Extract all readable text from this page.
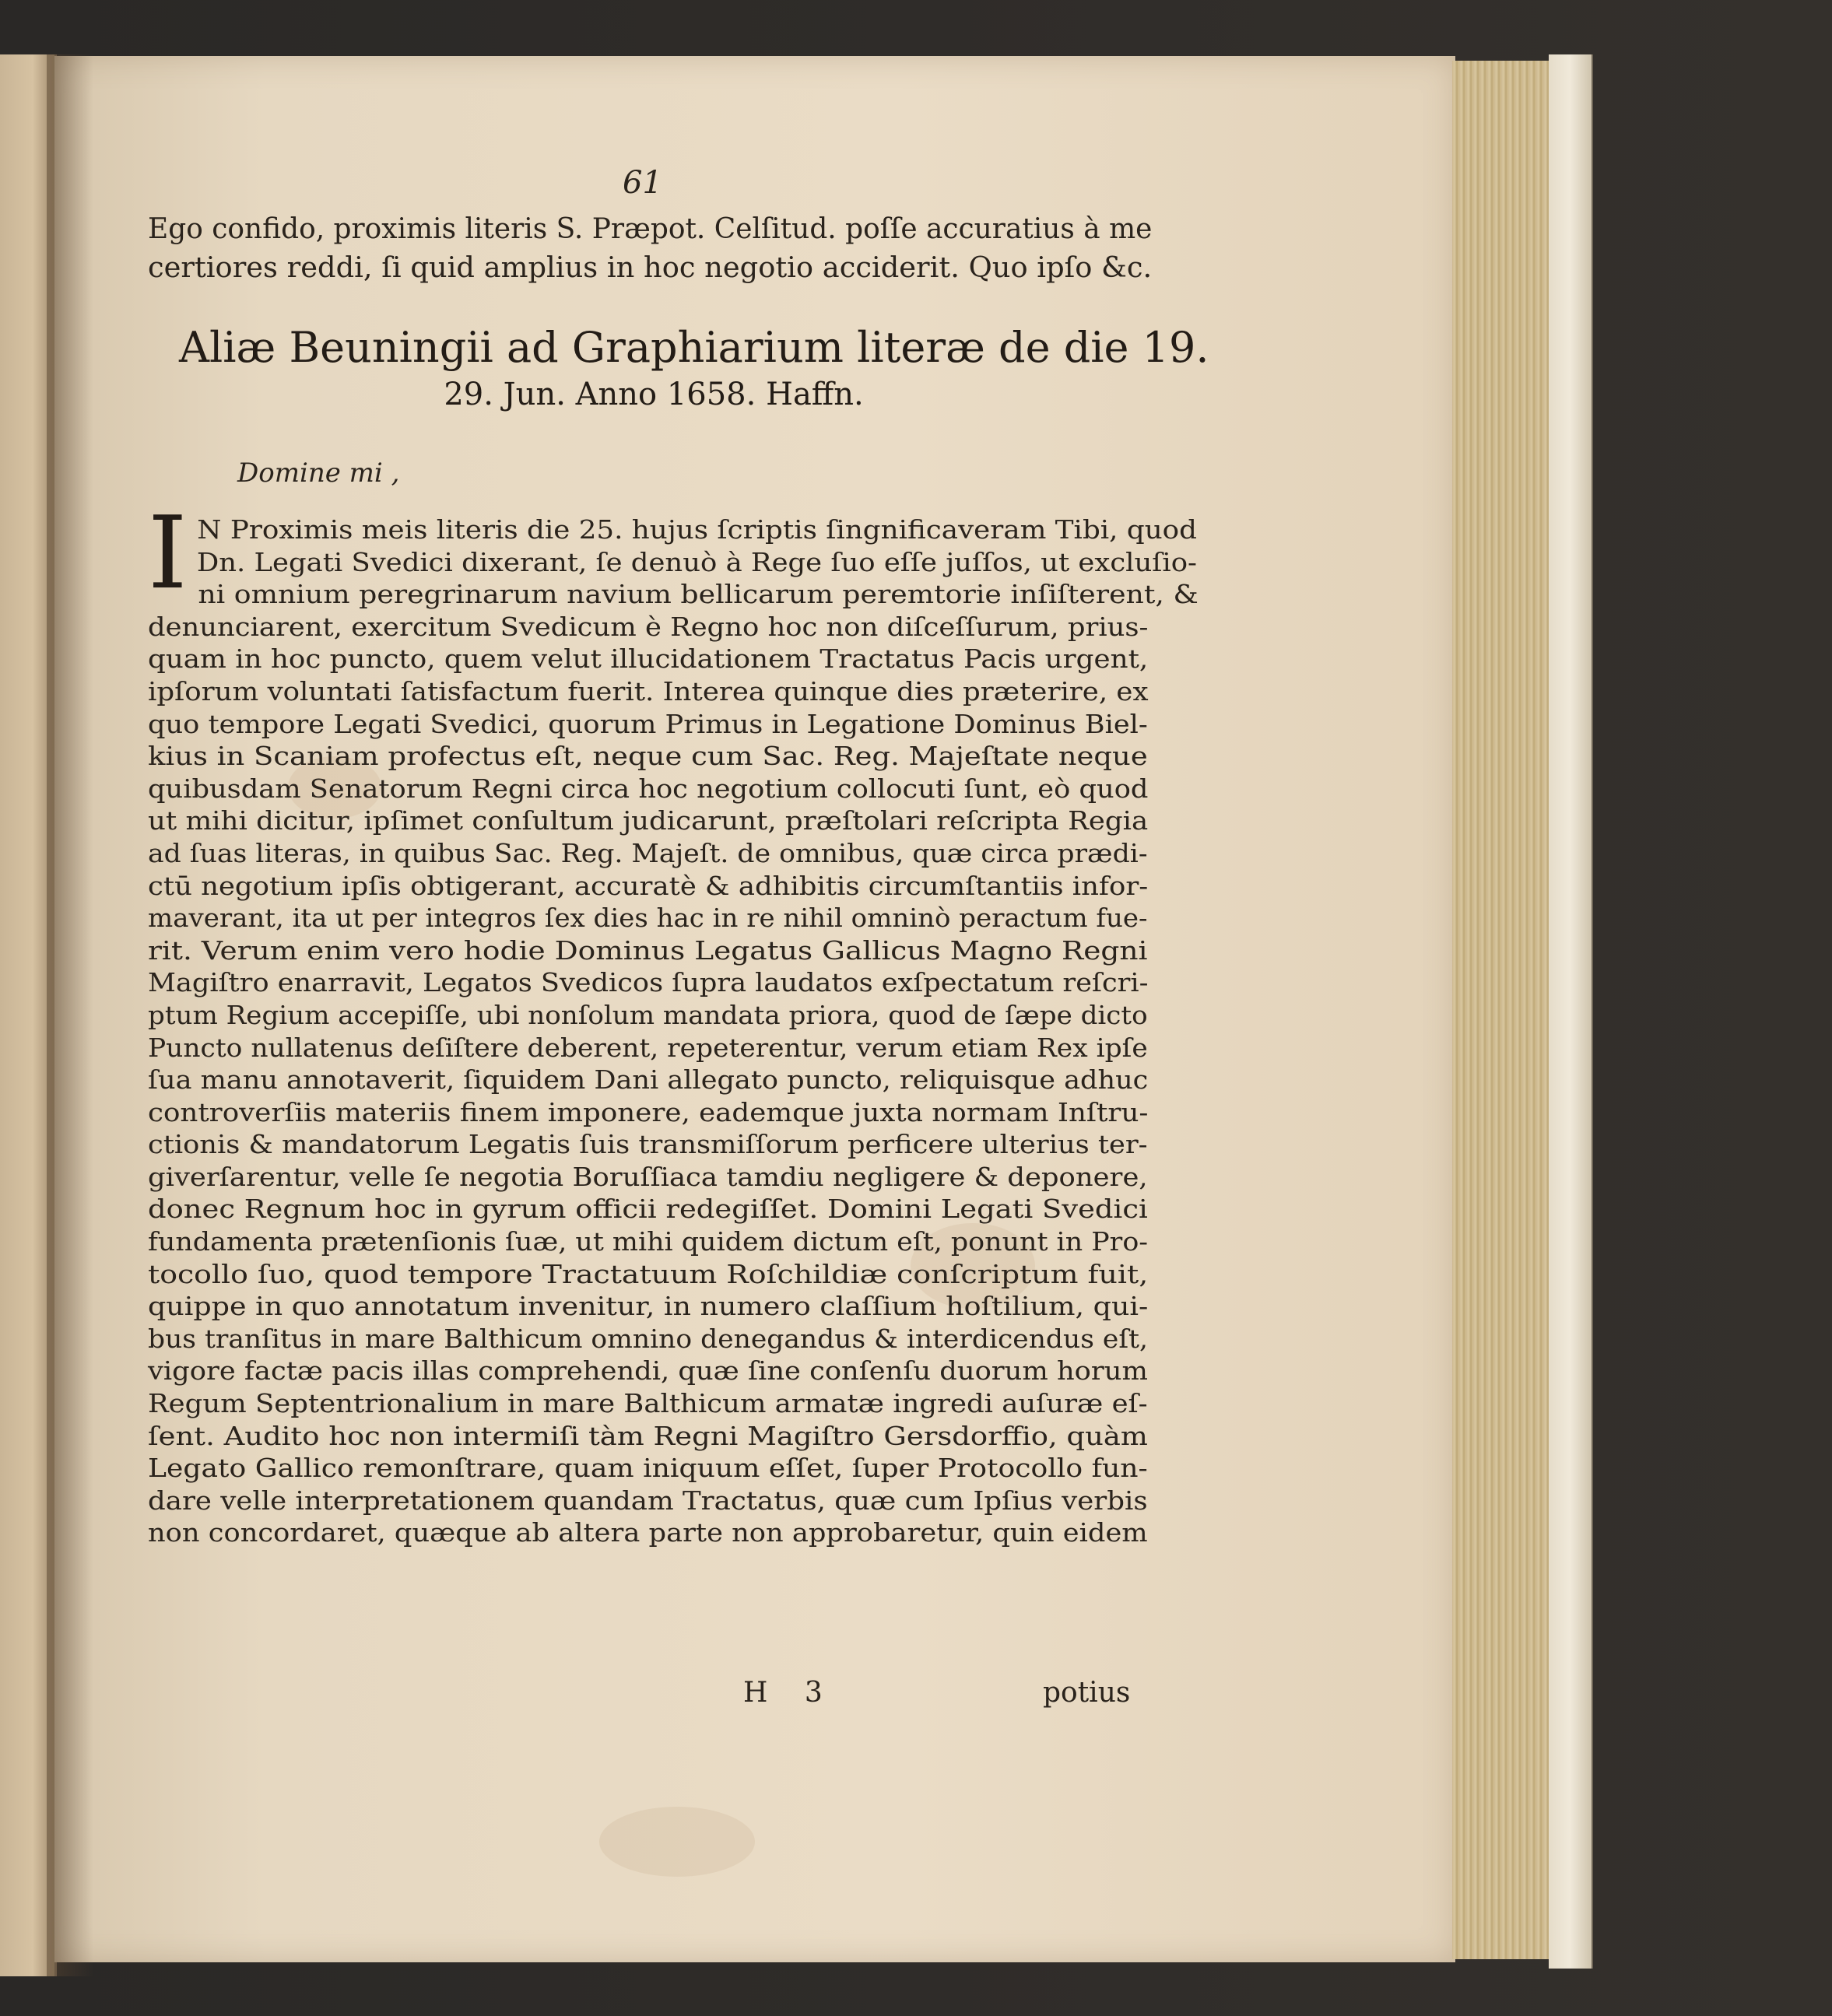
61
Ego confido, proximis literis S. Præpot. Celſitud. poſſe accuratius à me
certiores reddi, ſi quid amplius in hoc negotio acciderit. Quo ipſo &c.
Aliæ Beuningii ad Graphiarium literæ de die 19.
29. Jun. Anno 1658. Haffn.
Domine mi ,
I N Proximis meis literis die 25. hujus ſcriptis ſingnificaveram Tibi, quod
Dn. Legati Svedici dixerant, ſe denuò à Rege ſuo eſſe juſſos, ut excluſio-
ni omnium peregrinarum navium bellicarum peremtorie inſiſterent, &
denunciarent, exercitum Svedicum è Regno hoc non diſceſſurum, prius-
quam in hoc puncto, quem velut illucidationem Tractatus Pacis urgent,
ipſorum voluntati ſatisfactum fuerit. Interea quinque dies præterire, ex
quo tempore Legati Svedici, quorum Primus in Legatione Dominus Biel-
kius in Scaniam profectus eſt, neque cum Sac. Reg. Majeſtate neque
quibusdam Senatorum Regni circa hoc negotium collocuti ſunt, eò quod
ut mihi dicitur, ipſimet conſultum judicarunt, præſtolari reſcripta Regia
ad ſuas literas, in quibus Sac. Reg. Majeſt. de omnibus, quæ circa prædi-
ctū negotium ipſis obtigerant, accuratè & adhibitis circumſtantiis infor-
maverant, ita ut per integros ſex dies hac in re nihil omninò peractum fue-
rit. Verum enim vero hodie Dominus Legatus Gallicus Magno Regni
Magiſtro enarravit, Legatos Svedicos ſupra laudatos exſpectatum reſcri-
ptum Regium accepiſſe, ubi nonſolum mandata priora, quod de ſæpe dicto
Puncto nullatenus deſiſtere deberent, repeterentur, verum etiam Rex ipſe
ſua manu annotaverit, ſiquidem Dani allegato puncto, reliquisque adhuc
controverſiis materiis finem imponere, eademque juxta normam Inſtru-
ctionis & mandatorum Legatis ſuis transmiſſorum perficere ulterius ter-
giverſarentur, velle ſe negotia Boruſſiaca tamdiu negligere & deponere,
donec Regnum hoc in gyrum officii redegiſſet. Domini Legati Svedici
fundamenta prætenſionis ſuæ, ut mihi quidem dictum eſt, ponunt in Pro-
tocollo ſuo, quod tempore Tractatuum Roſchildiæ conſcriptum fuit,
quippe in quo annotatum invenitur, in numero claſſium hoſtilium, qui-
bus tranſitus in mare Balthicum omnino denegandus & interdicendus eſt,
vigore factæ pacis illas comprehendi, quæ ſine conſenſu duorum horum
Regum Septentrionalium in mare Balthicum armatæ ingredi auſuræ eſ-
ſent. Audito hoc non intermiſi tàm Regni Magiſtro Gersdorffio, quàm
Legato Gallico remonſtrare, quam iniquum eſſet, ſuper Protocollo fun-
dare velle interpretationem quandam Tractatus, quæ cum Ipſius verbis
non concordaret, quæque ab altera parte non approbaretur, quin eidem
H 3	potius
